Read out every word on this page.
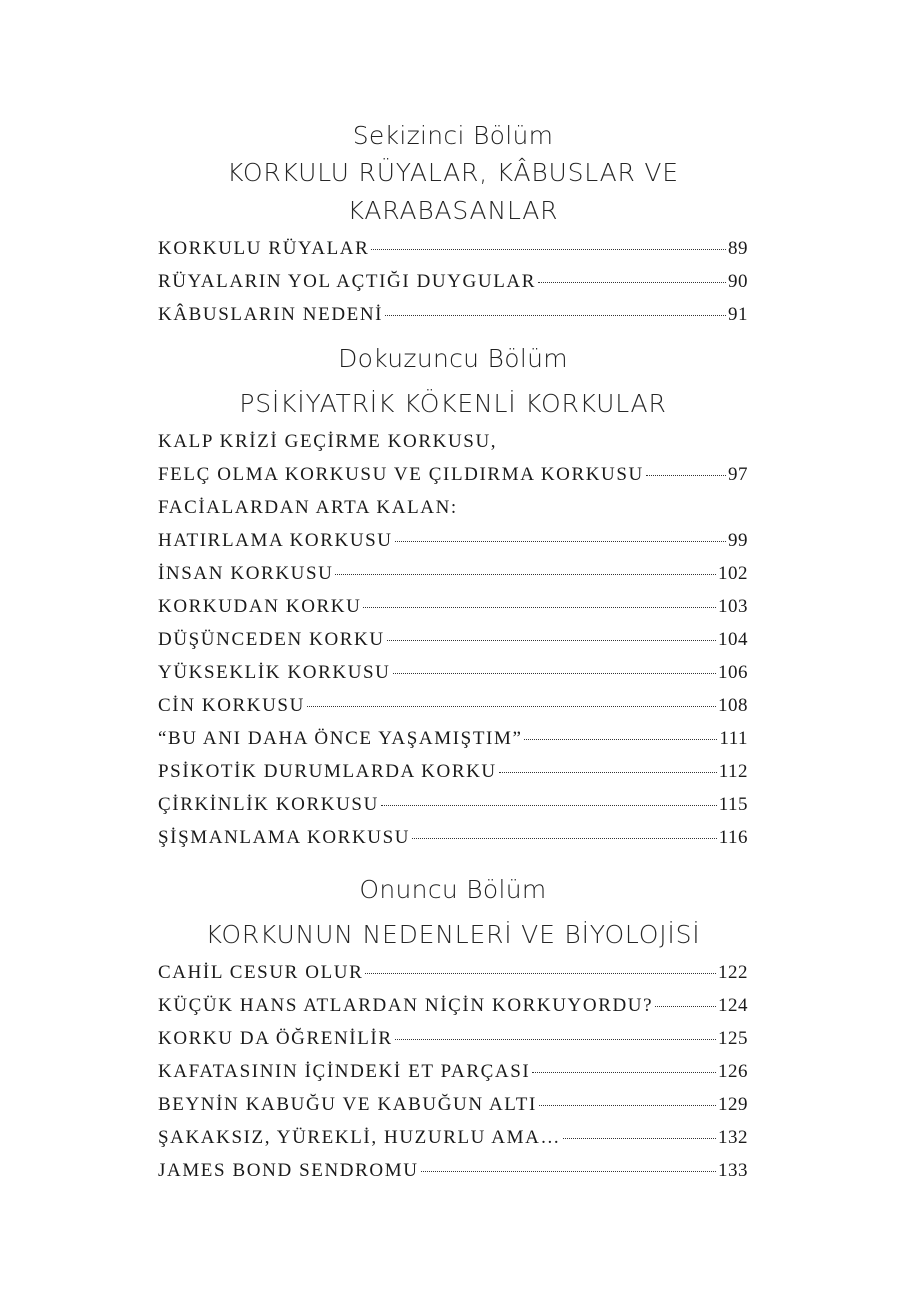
Sekizinci Bölüm
KORKULU RÜYALAR, KÂBUSLAR VE
KARABASANLAR
KORKULU RÜYALAR	89
RÜYALARIN YOL AÇTIĞI DUYGULAR	90
KÂBUSLARIN NEDENİ	91
Dokuzuncu Bölüm
PSİKİYATRİK KÖKENLİ KORKULAR
KALP KRİZİ GEÇİRME KORKUSU,
FELÇ OLMA KORKUSU VE ÇILDIRMA KORKUSU	97
FACİALARDAN ARTA KALAN:
HATIRLAMA KORKUSU	99
İNSAN KORKUSU	102
KORKUDAN KORKU	103
DÜŞÜNCEDEN KORKU	104
YÜKSEKLİK KORKUSU	106
CİN KORKUSU	108
“BU ANI DAHA ÖNCE YAŞAMIŞTIM”	111
PSİKOTİK DURUMLARDA KORKU	112
ÇİRKİNLİK KORKUSU	115
ŞİŞMANLAMA KORKUSU	116
Onuncu Bölüm
KORKUNUN NEDENLERİ VE BİYOLOJİSİ
CAHİL CESUR OLUR	122
KÜÇÜK HANS ATLARDAN NİÇİN KORKUYORDU?	124
KORKU DA ÖĞRENİLİR	125
KAFATASININ İÇİNDEKİ ET PARÇASI	126
BEYNİN KABUĞU VE KABUĞUN ALTI	129
ŞAKAKSIZ, YÜREKLİ, HUZURLU AMA…	132
JAMES BOND SENDROMU	133
